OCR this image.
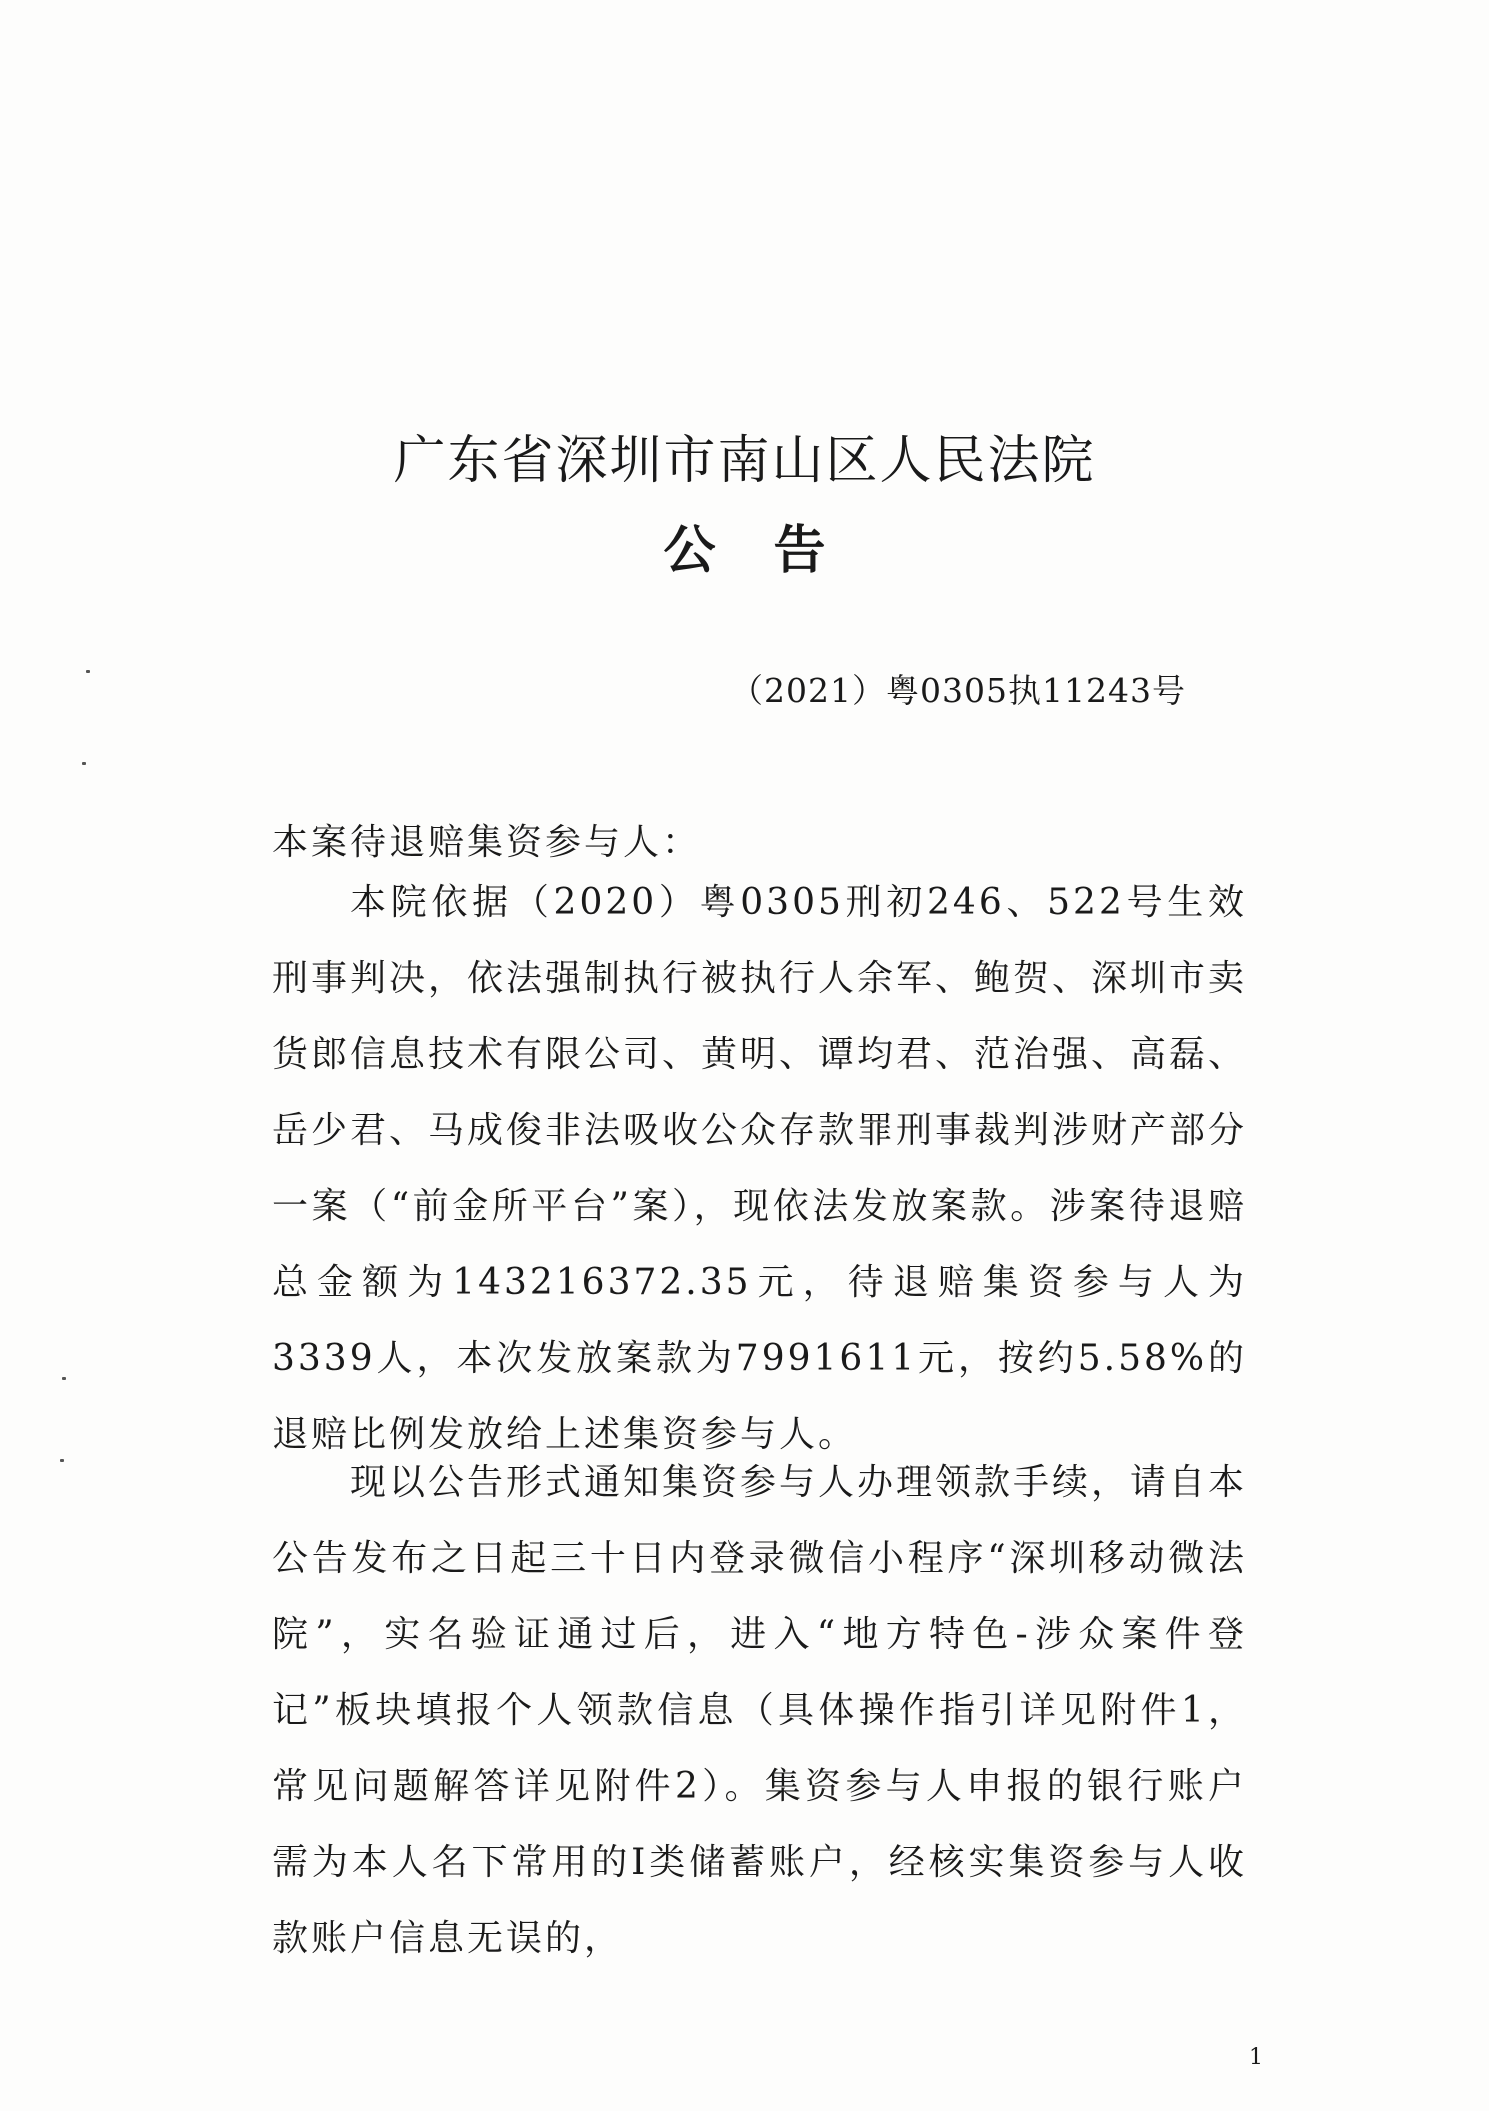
广东省深圳市南山区人民法院
公告
（2021）粤0305执11243号
本案待退赔集资参与人：
本院依据（2020）粤0305刑初246、522号生效刑事判决，依法强制执行被执行人余军、鲍贺、深圳市卖货郎信息技术有限公司、黄明、谭均君、范治强、高磊、岳少君、马成俊非法吸收公众存款罪刑事裁判涉财产部分一案（“前金所平台”案），现依法发放案款。涉案待退赔总金额为143216372.35元，待退赔集资参与人为3339人，本次发放案款为7991611元，按约5.58%的退赔比例发放给上述集资参与人。
现以公告形式通知集资参与人办理领款手续，请自本公告发布之日起三十日内登录微信小程序“深圳移动微法院”，实名验证通过后，进入“地方特色-涉众案件登记”板块填报个人领款信息（具体操作指引详见附件1，常见问题解答详见附件2）。集资参与人申报的银行账户需为本人名下常用的I类储蓄账户，经核实集资参与人收款账户信息无误的，
1
